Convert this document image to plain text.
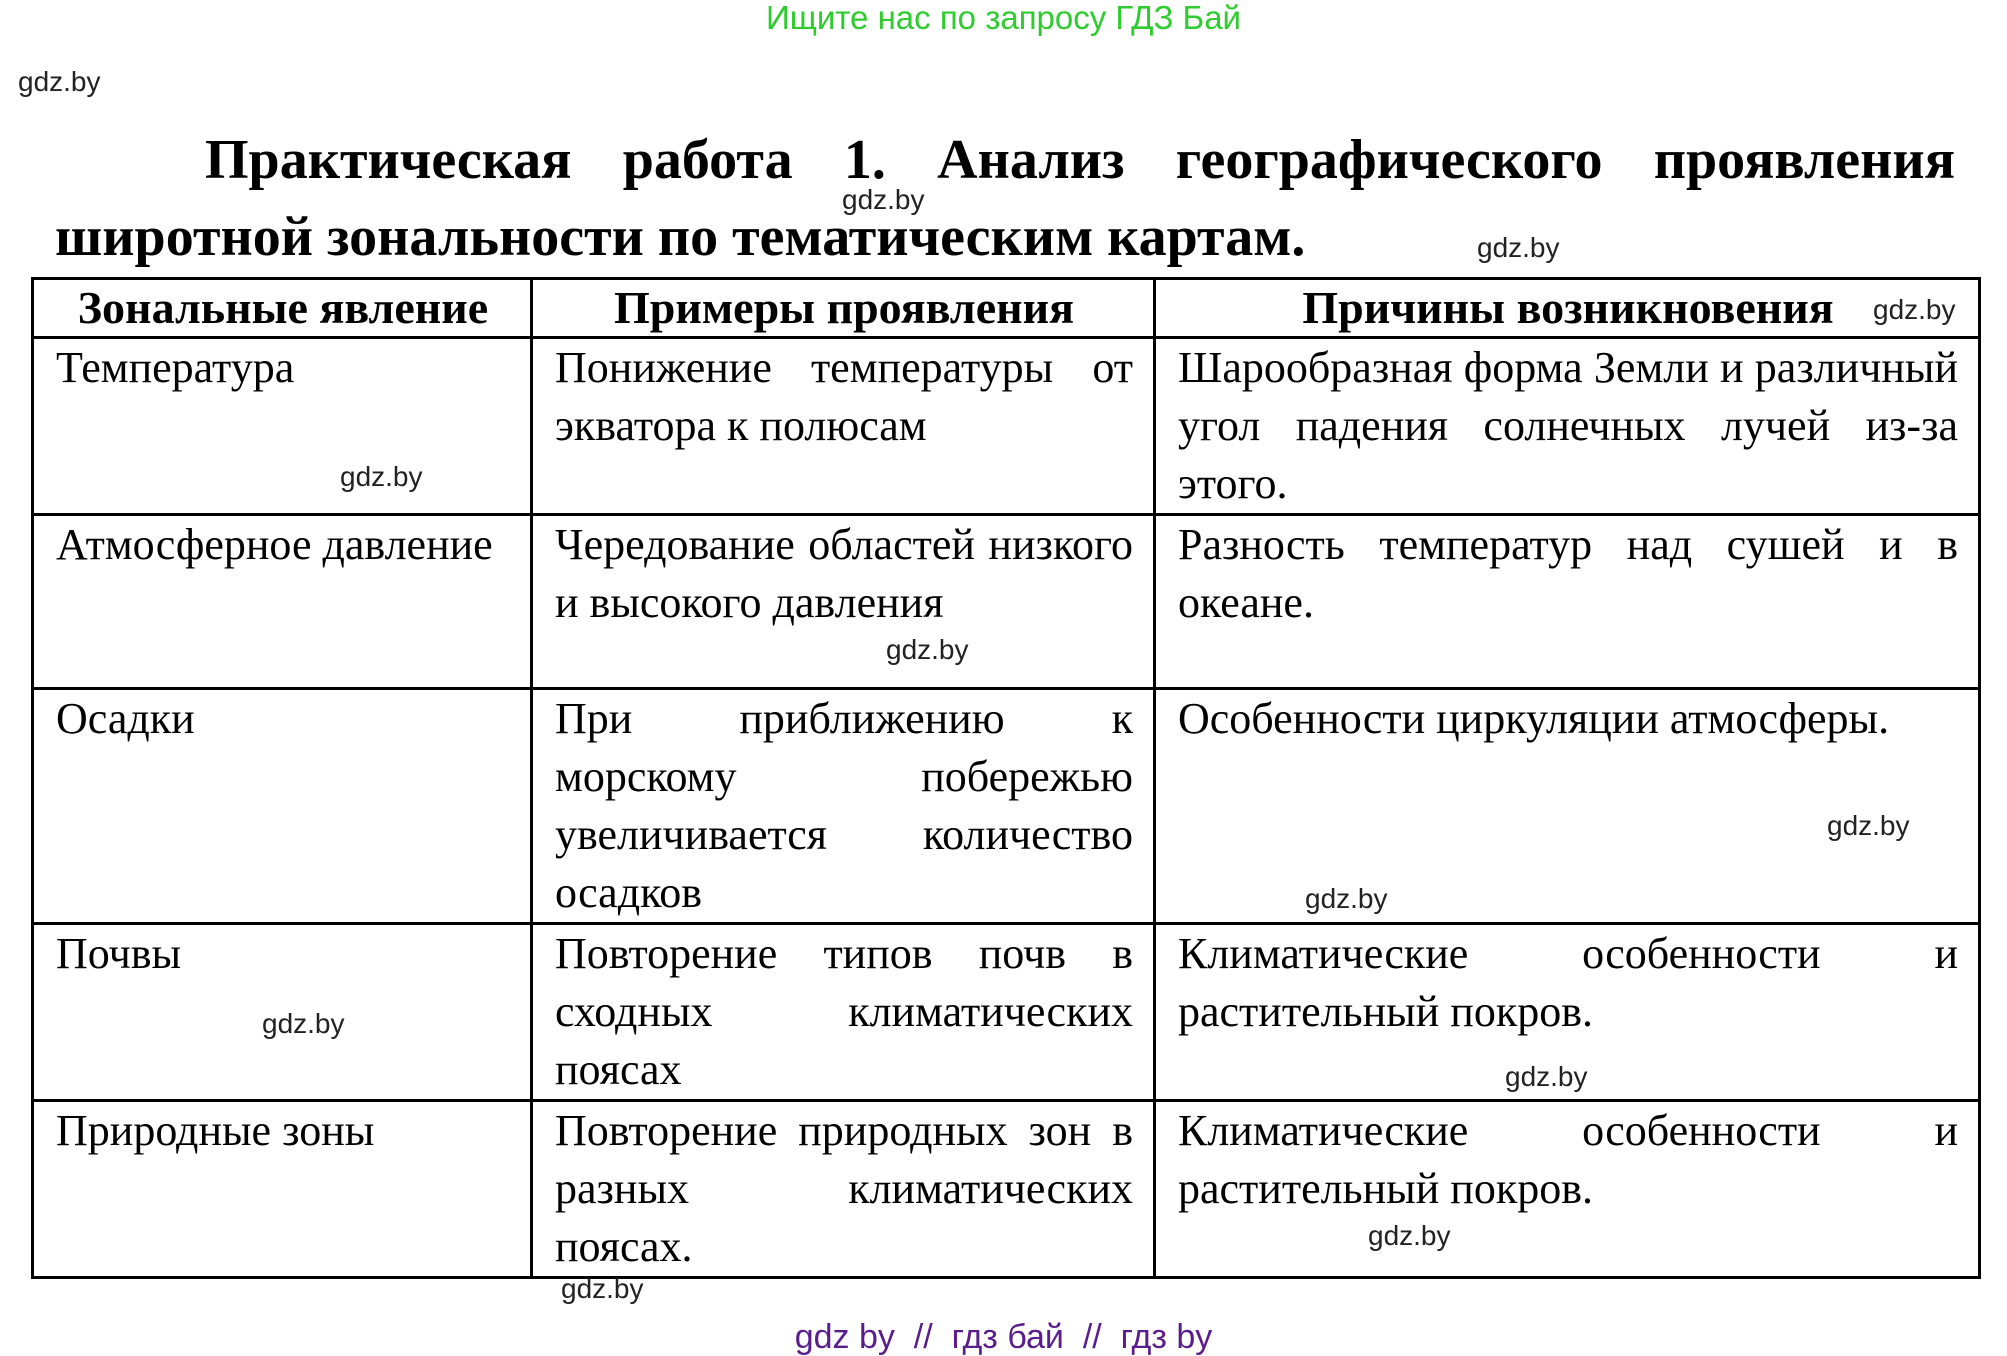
Ищите нас по запросу ГДЗ Бай
gdz.by
Практическая работа 1. Анализ географического проявления
gdz.by
широтной зональности по тематическим картам.	gdz.by
Зональные явление	Примеры проявления	Причины возникновения
Температура	Понижение температуры от экватора к полюсам	Шарообразная форма Земли и различный угол падения солнечных лучей из-за этого.
Атмосферное давление	Чередование областей низкого и высокого давления	Разность температур над сушей и в океане.
Осадки	При приближению к морскому побережью увеличивается количество осадков	Особенности циркуляции атмосферы.
Почвы	Повторение типов почв в сходных климатических поясах	Климатические особенности и растительный покров.
Природные зоны	Повторение природных зон в разных климатических поясах.	Климатические особенности и растительный покров.
gdz.by
gdz.by
gdz.by
gdz.by
gdz.by
gdz.by
gdz.by
gdz.by
gdz.by
gdz by  //  гдз бай  //  гдз by
